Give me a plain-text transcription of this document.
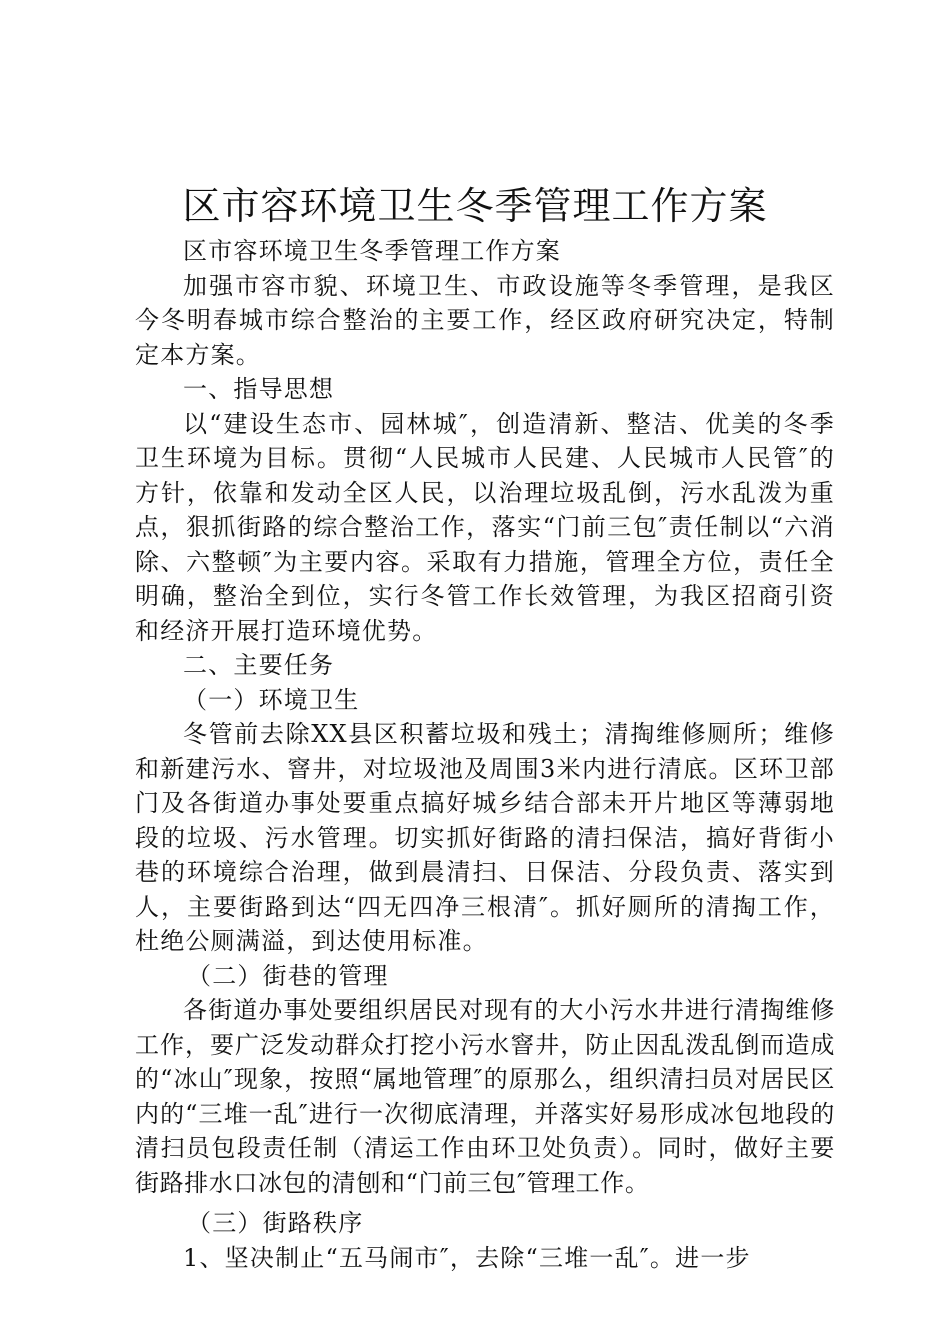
区市容环境卫生冬季管理工作方案

区市容环境卫生冬季管理工作方案

加强市容市貌、环境卫生、市政设施等冬季管理，是我区今冬明春城市综合整治的主要工作，经区政府研究决定，特制定本方案。

一、指导思想

以“建设生态市、园林城″，创造清新、整洁、优美的冬季卫生环境为目标。贯彻“人民城市人民建、人民城市人民管″的方针，依靠和发动全区人民，以治理垃圾乱倒，污水乱泼为重点，狠抓街路的综合整治工作，落实“门前三包″责任制以“六消除、六整顿″为主要内容。采取有力措施，管理全方位，责任全明确，整治全到位，实行冬管工作长效管理，为我区招商引资和经济开展打造环境优势。

二、主要任务

（一）环境卫生

冬管前去除XX县区积蓄垃圾和残土；清掏维修厕所；维修和新建污水、窨井，对垃圾池及周围3米内进行清底。区环卫部门及各街道办事处要重点搞好城乡结合部未开片地区等薄弱地段的垃圾、污水管理。切实抓好街路的清扫保洁，搞好背街小巷的环境综合治理，做到晨清扫、日保洁、分段负责、落实到人，主要街路到达“四无四净三根清″。抓好厕所的清掏工作，杜绝公厕满溢，到达使用标准。

（二）街巷的管理

各街道办事处要组织居民对现有的大小污水井进行清掏维修工作，要广泛发动群众打挖小污水窨井，防止因乱泼乱倒而造成的“冰山″现象，按照“属地管理″的原那么，组织清扫员对居民区内的“三堆一乱″进行一次彻底清理，并落实好易形成冰包地段的清扫员包段责任制（清运工作由环卫处负责）。同时，做好主要街路排水口冰包的清刨和“门前三包″管理工作。

（三）街路秩序

1、坚决制止“五马闹市″，去除“三堆一乱″。进一步
